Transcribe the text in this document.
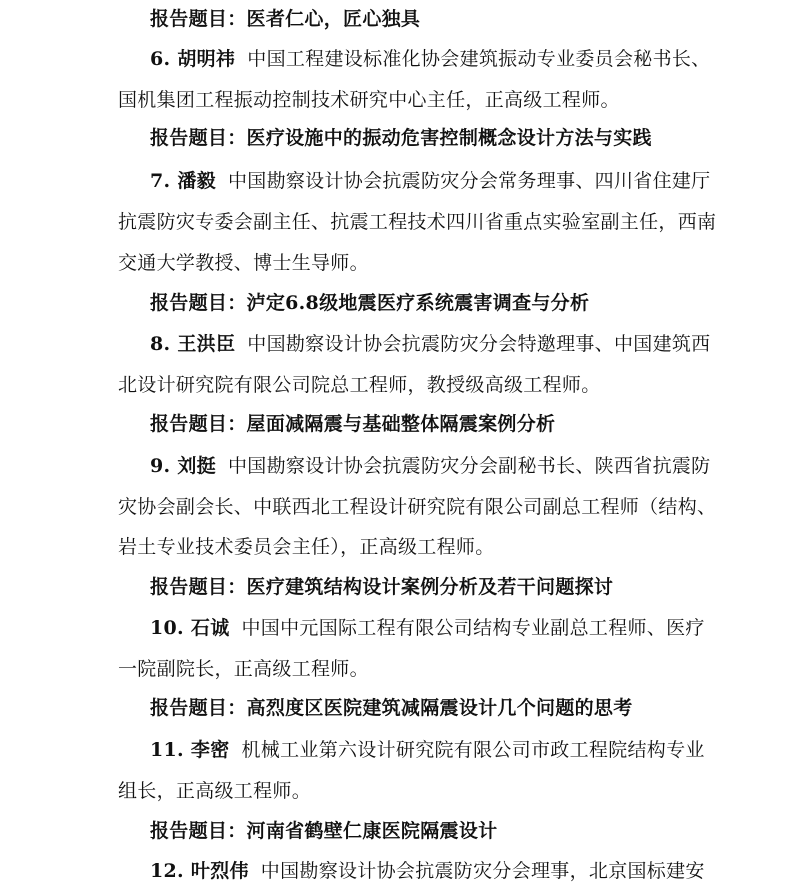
报告题目：医者仁心，匠心独具
6. 胡明祎 中国工程建设标准化协会建筑振动专业委员会秘书长、
国机集团工程振动控制技术研究中心主任，正高级工程师。
报告题目：医疗设施中的振动危害控制概念设计方法与实践
7. 潘毅 中国勘察设计协会抗震防灾分会常务理事、四川省住建厅
抗震防灾专委会副主任、抗震工程技术四川省重点实验室副主任，西南
交通大学教授、博士生导师。
报告题目：泸定6.8级地震医疗系统震害调查与分析
8. 王洪臣 中国勘察设计协会抗震防灾分会特邀理事、中国建筑西
北设计研究院有限公司院总工程师，教授级高级工程师。
报告题目：屋面减隔震与基础整体隔震案例分析
9. 刘挺 中国勘察设计协会抗震防灾分会副秘书长、陕西省抗震防
灾协会副会长、中联西北工程设计研究院有限公司副总工程师（结构、
岩土专业技术委员会主任），正高级工程师。
报告题目：医疗建筑结构设计案例分析及若干问题探讨
10. 石诚 中国中元国际工程有限公司结构专业副总工程师、医疗
一院副院长，正高级工程师。
报告题目：高烈度区医院建筑减隔震设计几个问题的思考
11. 李密 机械工业第六设计研究院有限公司市政工程院结构专业
组长，正高级工程师。
报告题目：河南省鹤壁仁康医院隔震设计
12. 叶烈伟 中国勘察设计协会抗震防灾分会理事，北京国标建安
